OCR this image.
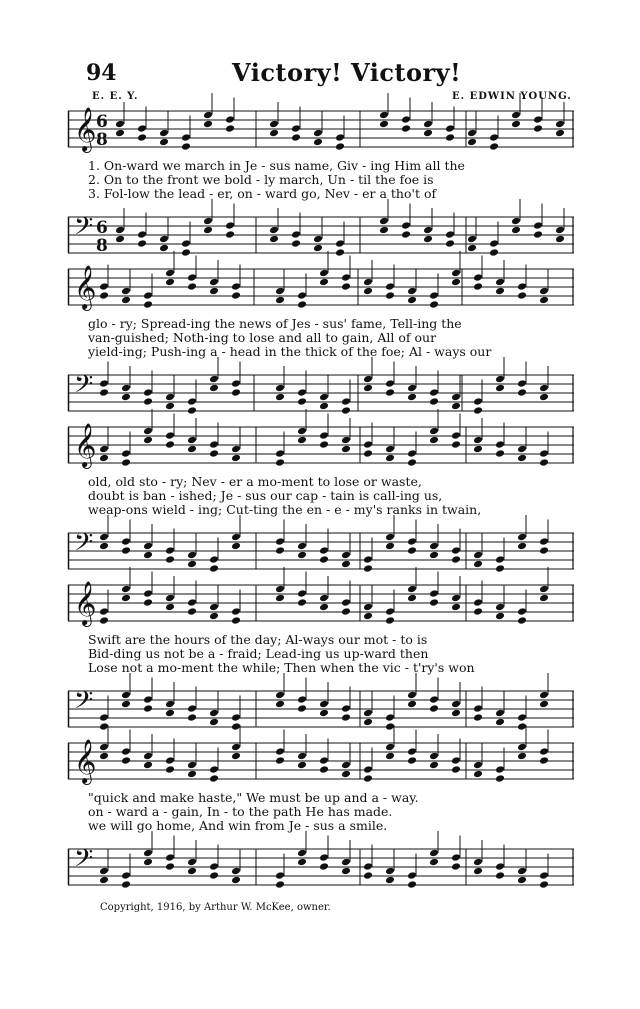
94	Victory! Victory!
E. E. Y.	E. EDWIN YOUNG.
1. On-ward we march in Je - sus name, Giv - ing Him all the
2. On to the front we bold - ly march, Un - til the foe is
3. Fol-low the lead - er, on - ward go, Nev - er a tho't of
𝄞 6
8
𝄢 6
8
glo - ry; Spread-ing the news of Jes - sus' fame, Tell-ing the
van-guished; Noth-ing to lose and all to gain, All of our
yield-ing; Push-ing a - head in the thick of the foe; Al - ways our
𝄞
𝄢
old, old sto - ry; Nev - er a mo-ment to lose or waste,
doubt is ban - ished; Je - sus our cap - tain is call-ing us,
weap-ons wield - ing; Cut-ting the en - e - my's ranks in twain,
𝄞
𝄢
Swift are the hours of the day; Al-ways our mot - to is
Bid-ding us not be a - fraid; Lead-ing us up-ward then
Lose not a mo-ment the while; Then when the vic - t'ry's won
𝄞
𝄢
"quick and make haste," We must be up and a - way.
on - ward a - gain, In - to the path He has made.
we will go home, And win from Je - sus a smile.
𝄞
𝄢
Copyright, 1916, by Arthur W. McKee, owner.
